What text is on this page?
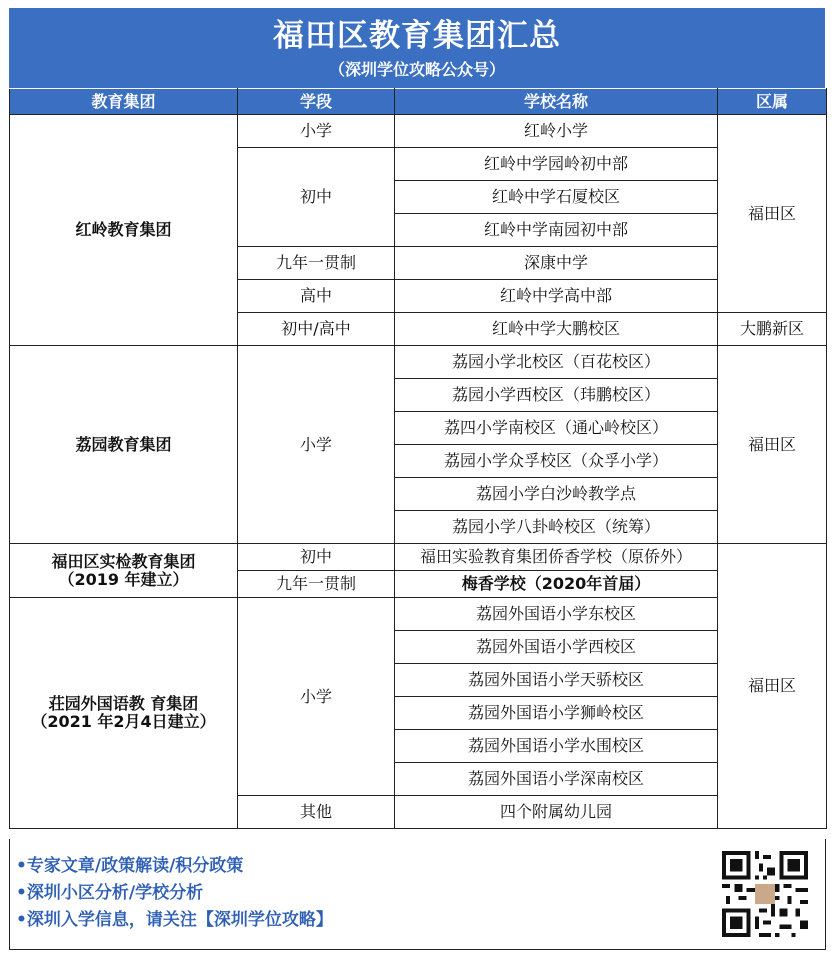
福田区教育集团汇总
（深圳学位攻略公众号）
教育集团	学段	学校名称	区属
红岭教育集团	小学	红岭小学	福田区
	初中	红岭中学园岭初中部	
		红岭中学石厦校区	
		红岭中学南园初中部	
	九年一贯制	深康中学	
	高中	红岭中学高中部	
	初中/高中	红岭中学大鹏校区	大鹏新区
荔园教育集团	小学	荔园小学北校区（百花校区）	福田区
		荔园小学西校区（玮鹏校区）	
		荔四小学南校区（通心岭校区）	
		荔园小学众孚校区（众孚小学）	
		荔园小学白沙岭教学点	
		荔园小学八卦岭校区（统筹）	

福田区实检教育集团
（2019 年建立）	初中	福田实验教育集团侨香学校（原侨外）	福田区
	九年一贯制	梅香学校（2020年首届）	

荘园外国语教 育集团
（2021 年2月4日建立）	小学	荔园外国语小学东校区	
		荔园外国语小学西校区	
		荔园外国语小学天骄校区	
		荔园外国语小学狮岭校区	
		荔园外国语小学水围校区	
		荔园外国语小学深南校区	
	其他	四个附属幼儿园	
•专家文章/政策解读/积分政策
•深圳小区分析/学校分析
•深圳入学信息，请关注【深圳学位攻略】
